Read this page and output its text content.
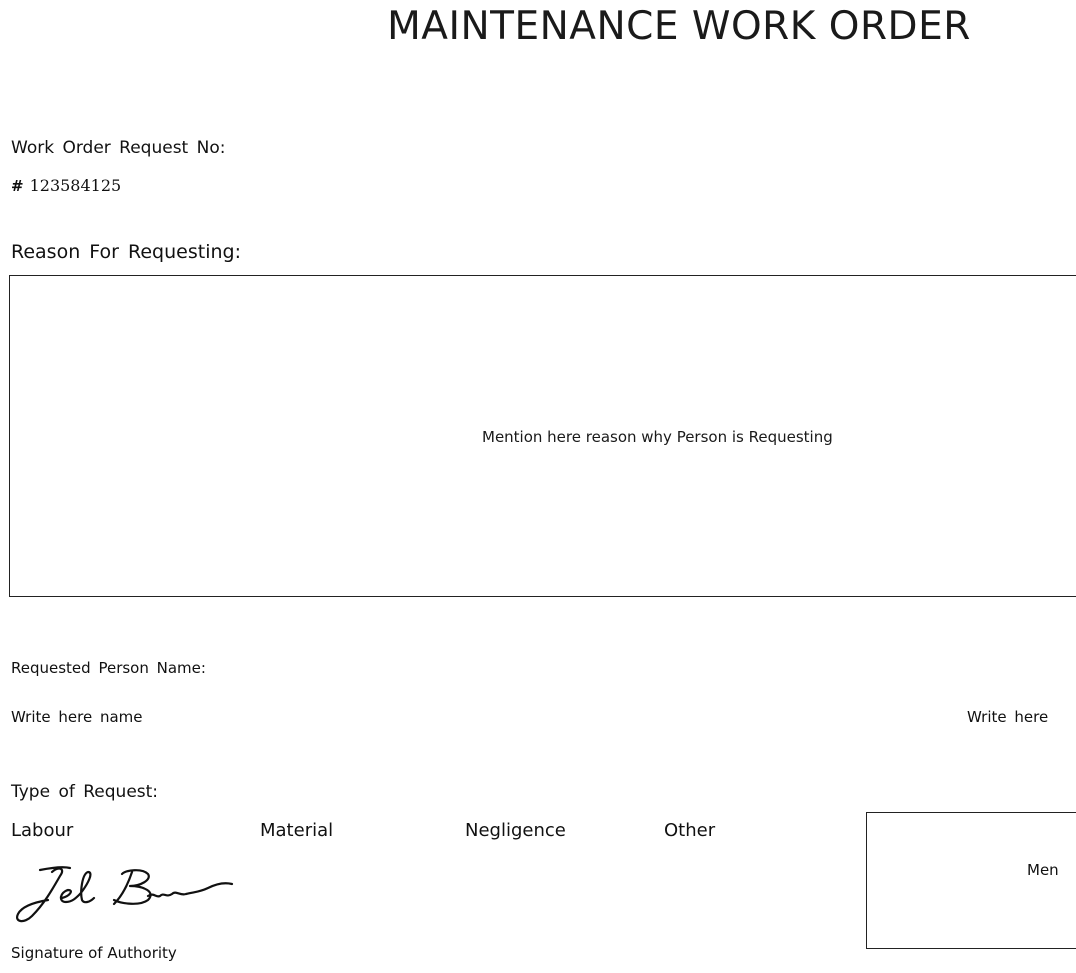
MAINTENANCE WORK ORDER
Work Order Request No:
# 123584125
Reason For Requesting:
Mention here reason why Person is Requesting
Requested Person Name:
Write here name	Write here
Type of Request:
Labour	Material	Negligence	Other
Men
Signature of Authority
